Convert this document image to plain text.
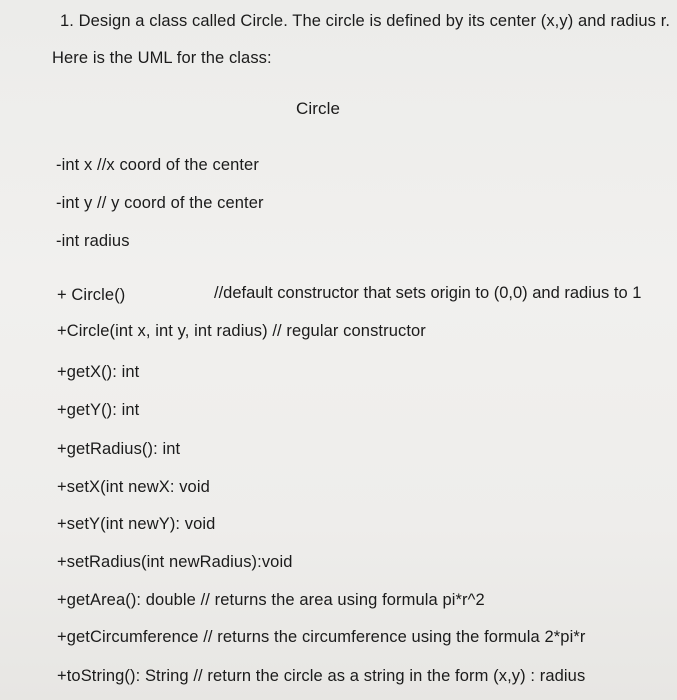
1. Design a class called Circle. The circle is defined by its center (x,y) and radius r.
Here is the UML for the class:
Circle
-int x //x coord of the center
-int y // y coord of the center
-int radius
+ Circle()	//default constructor that sets origin to (0,0) and radius to 1
+Circle(int x, int y, int radius) // regular constructor
+getX(): int
+getY(): int
+getRadius(): int
+setX(int newX: void
+setY(int newY): void
+setRadius(int newRadius):void
+getArea(): double // returns the area using formula pi*r^2
+getCircumference // returns the circumference using the formula 2*pi*r
+toString(): String // return the circle as a string in the form (x,y) : radius
